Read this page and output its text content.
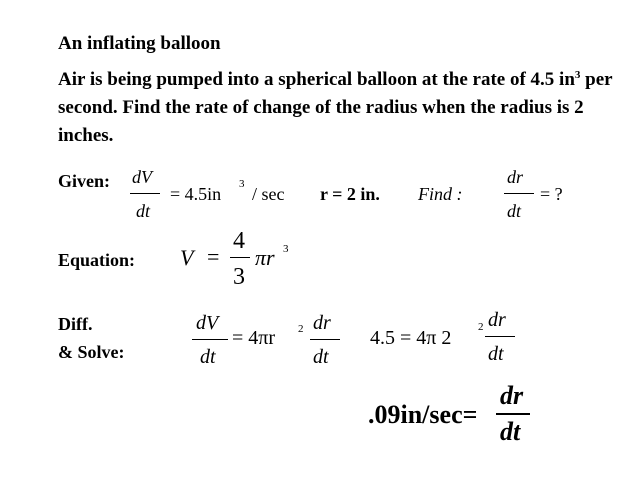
An inflating balloon
Air is being pumped into a spherical balloon at the rate of 4.5 $in^3$ per second. Find the rate of change of the radius when the radius is 2 inches.
Given: dV
dt
= 4.5in 3 / sec r = 2 in. Find :
dr
dt
= ?
Equation: V =
4
3
πr 3
Diff.
& Solve:
dV
dt
= 4πr 2 dr
dt
4.5 = 4π 2 2 dr
dt
.09in/sec=
dr
dt
